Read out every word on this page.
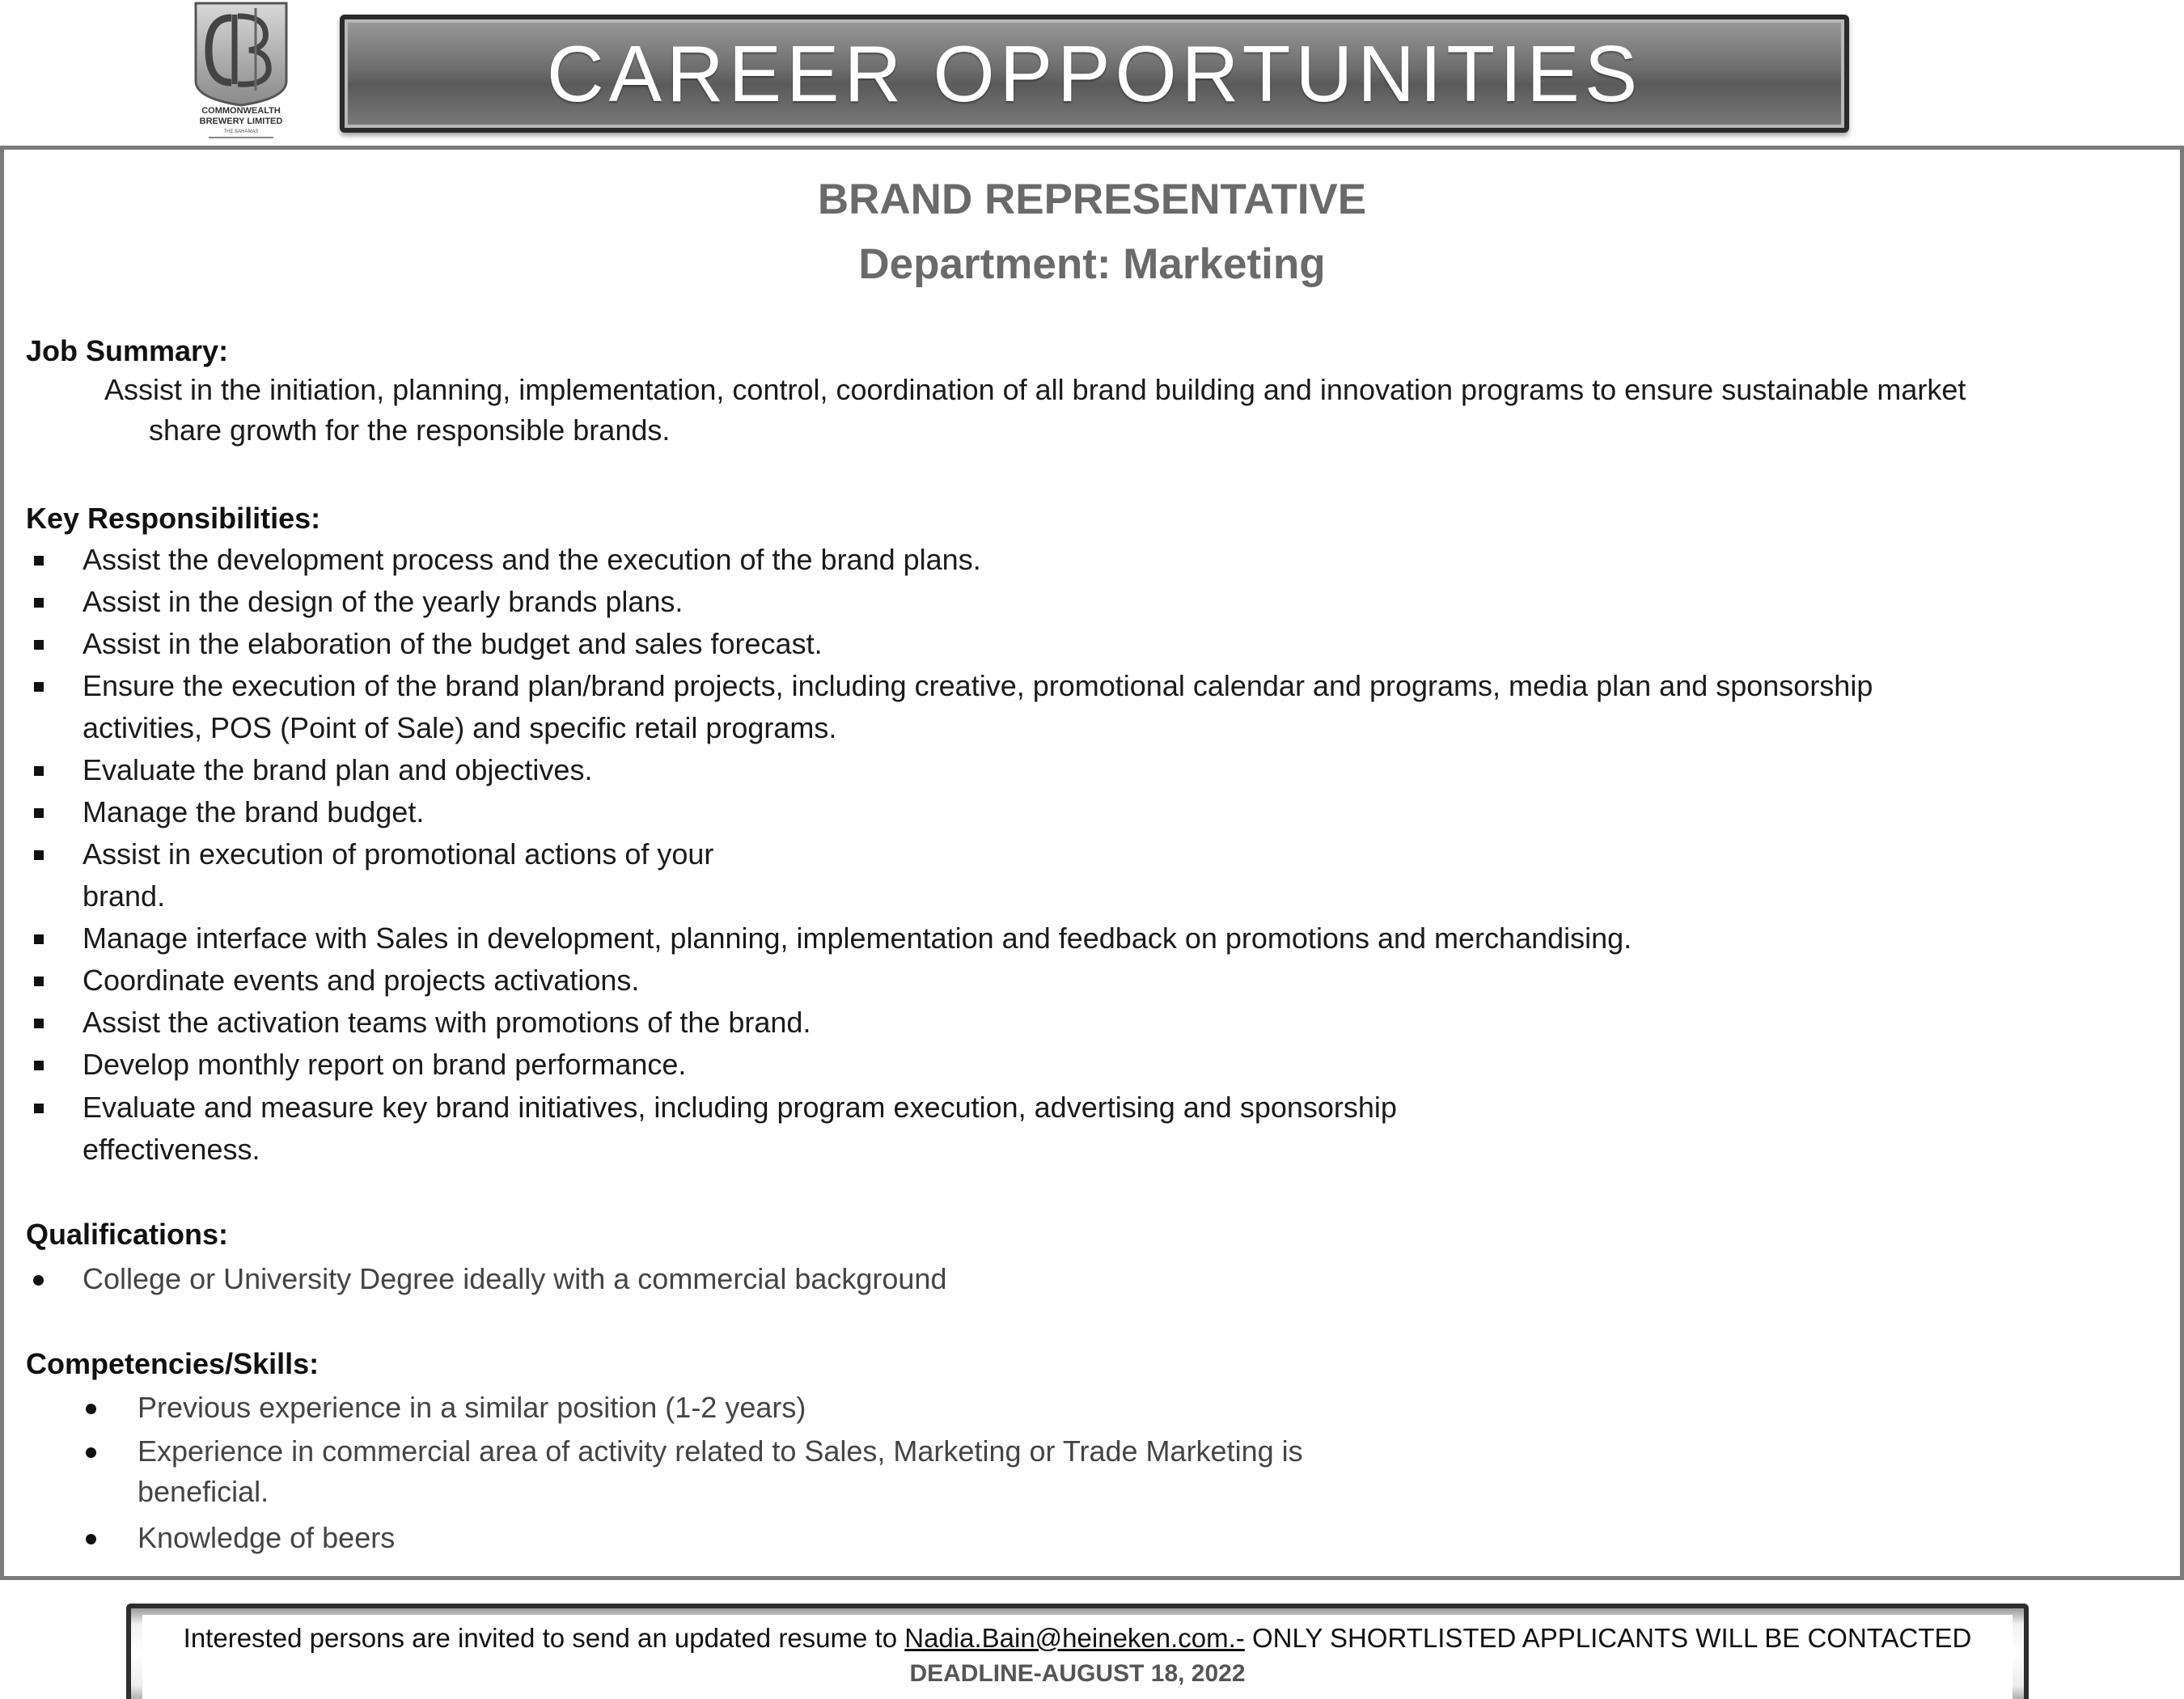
COMMONWEALTH
BREWERY LIMITED
THE BAHAMAS
CAREER OPPORTUNITIES
BRAND REPRESENTATIVE
Department: Marketing
Job Summary:
Assist in the initiation, planning, implementation, control, coordination of all brand building and innovation programs to ensure sustainable market
share growth for the responsible brands.
Key Responsibilities:
Assist the development process and the execution of the brand plans.
Assist in the design of the yearly brands plans.
Assist in the elaboration of the budget and sales forecast.
Ensure the execution of the brand plan/brand projects, including creative, promotional calendar and programs, media plan and sponsorship
activities, POS (Point of Sale) and specific retail programs.
Evaluate the brand plan and objectives.
Manage the brand budget.
Assist in execution of promotional actions of your
brand.
Manage interface with Sales in development, planning, implementation and feedback on promotions and merchandising.
Coordinate events and projects activations.
Assist the activation teams with promotions of the brand.
Develop monthly report on brand performance.
Evaluate and measure key brand initiatives, including program execution, advertising and sponsorship
effectiveness.
Qualifications:
College or University Degree ideally with a commercial background
Competencies/Skills:
Previous experience in a similar position (1-2 years)
Experience in commercial area of activity related to Sales, Marketing or Trade Marketing is
beneficial.
Knowledge of beers
Interested persons are invited to send an updated resume to Nadia.Bain@heineken.com.- ONLY SHORTLISTED APPLICANTS WILL BE CONTACTED
DEADLINE-AUGUST 18, 2022
